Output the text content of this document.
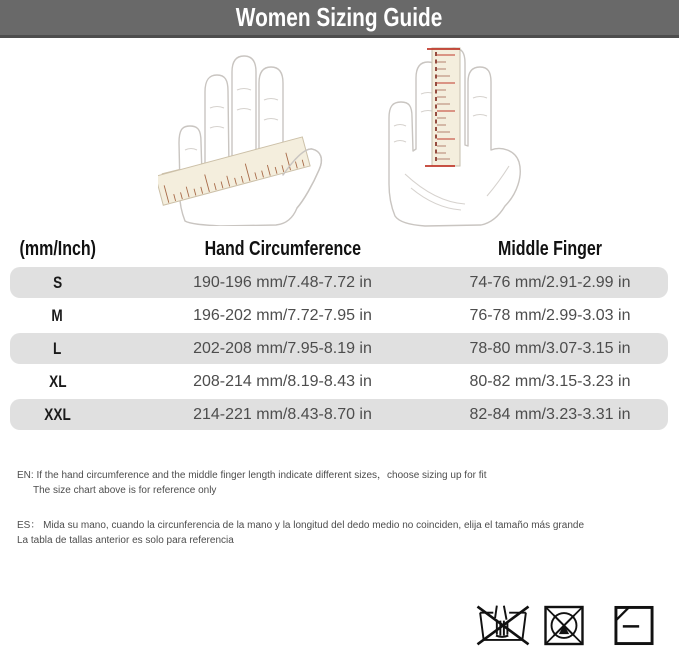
Women Sizing Guide
(mm/Inch)	Hand Circumference	Middle Finger
S	190-196 mm/7.48-7.72 in	74-76 mm/2.91-2.99 in
M	196-202 mm/7.72-7.95 in	76-78 mm/2.99-3.03 in
L	202-208 mm/7.95-8.19 in	78-80 mm/3.07-3.15 in
XL	208-214 mm/8.19-8.43 in	80-82 mm/3.15-3.23 in
XXL	214-221 mm/8.43-8.70 in	82-84 mm/3.23-3.31 in
EN: If the hand circumference and the middle finger length indicate different sizes，choose sizing up for fit
The size chart above is for reference only
ES： Mida su mano, cuando la circunferencia de la mano y la longitud del dedo medio no coinciden, elija el tamaño más grande
La tabla de tallas anterior es solo para referencia
